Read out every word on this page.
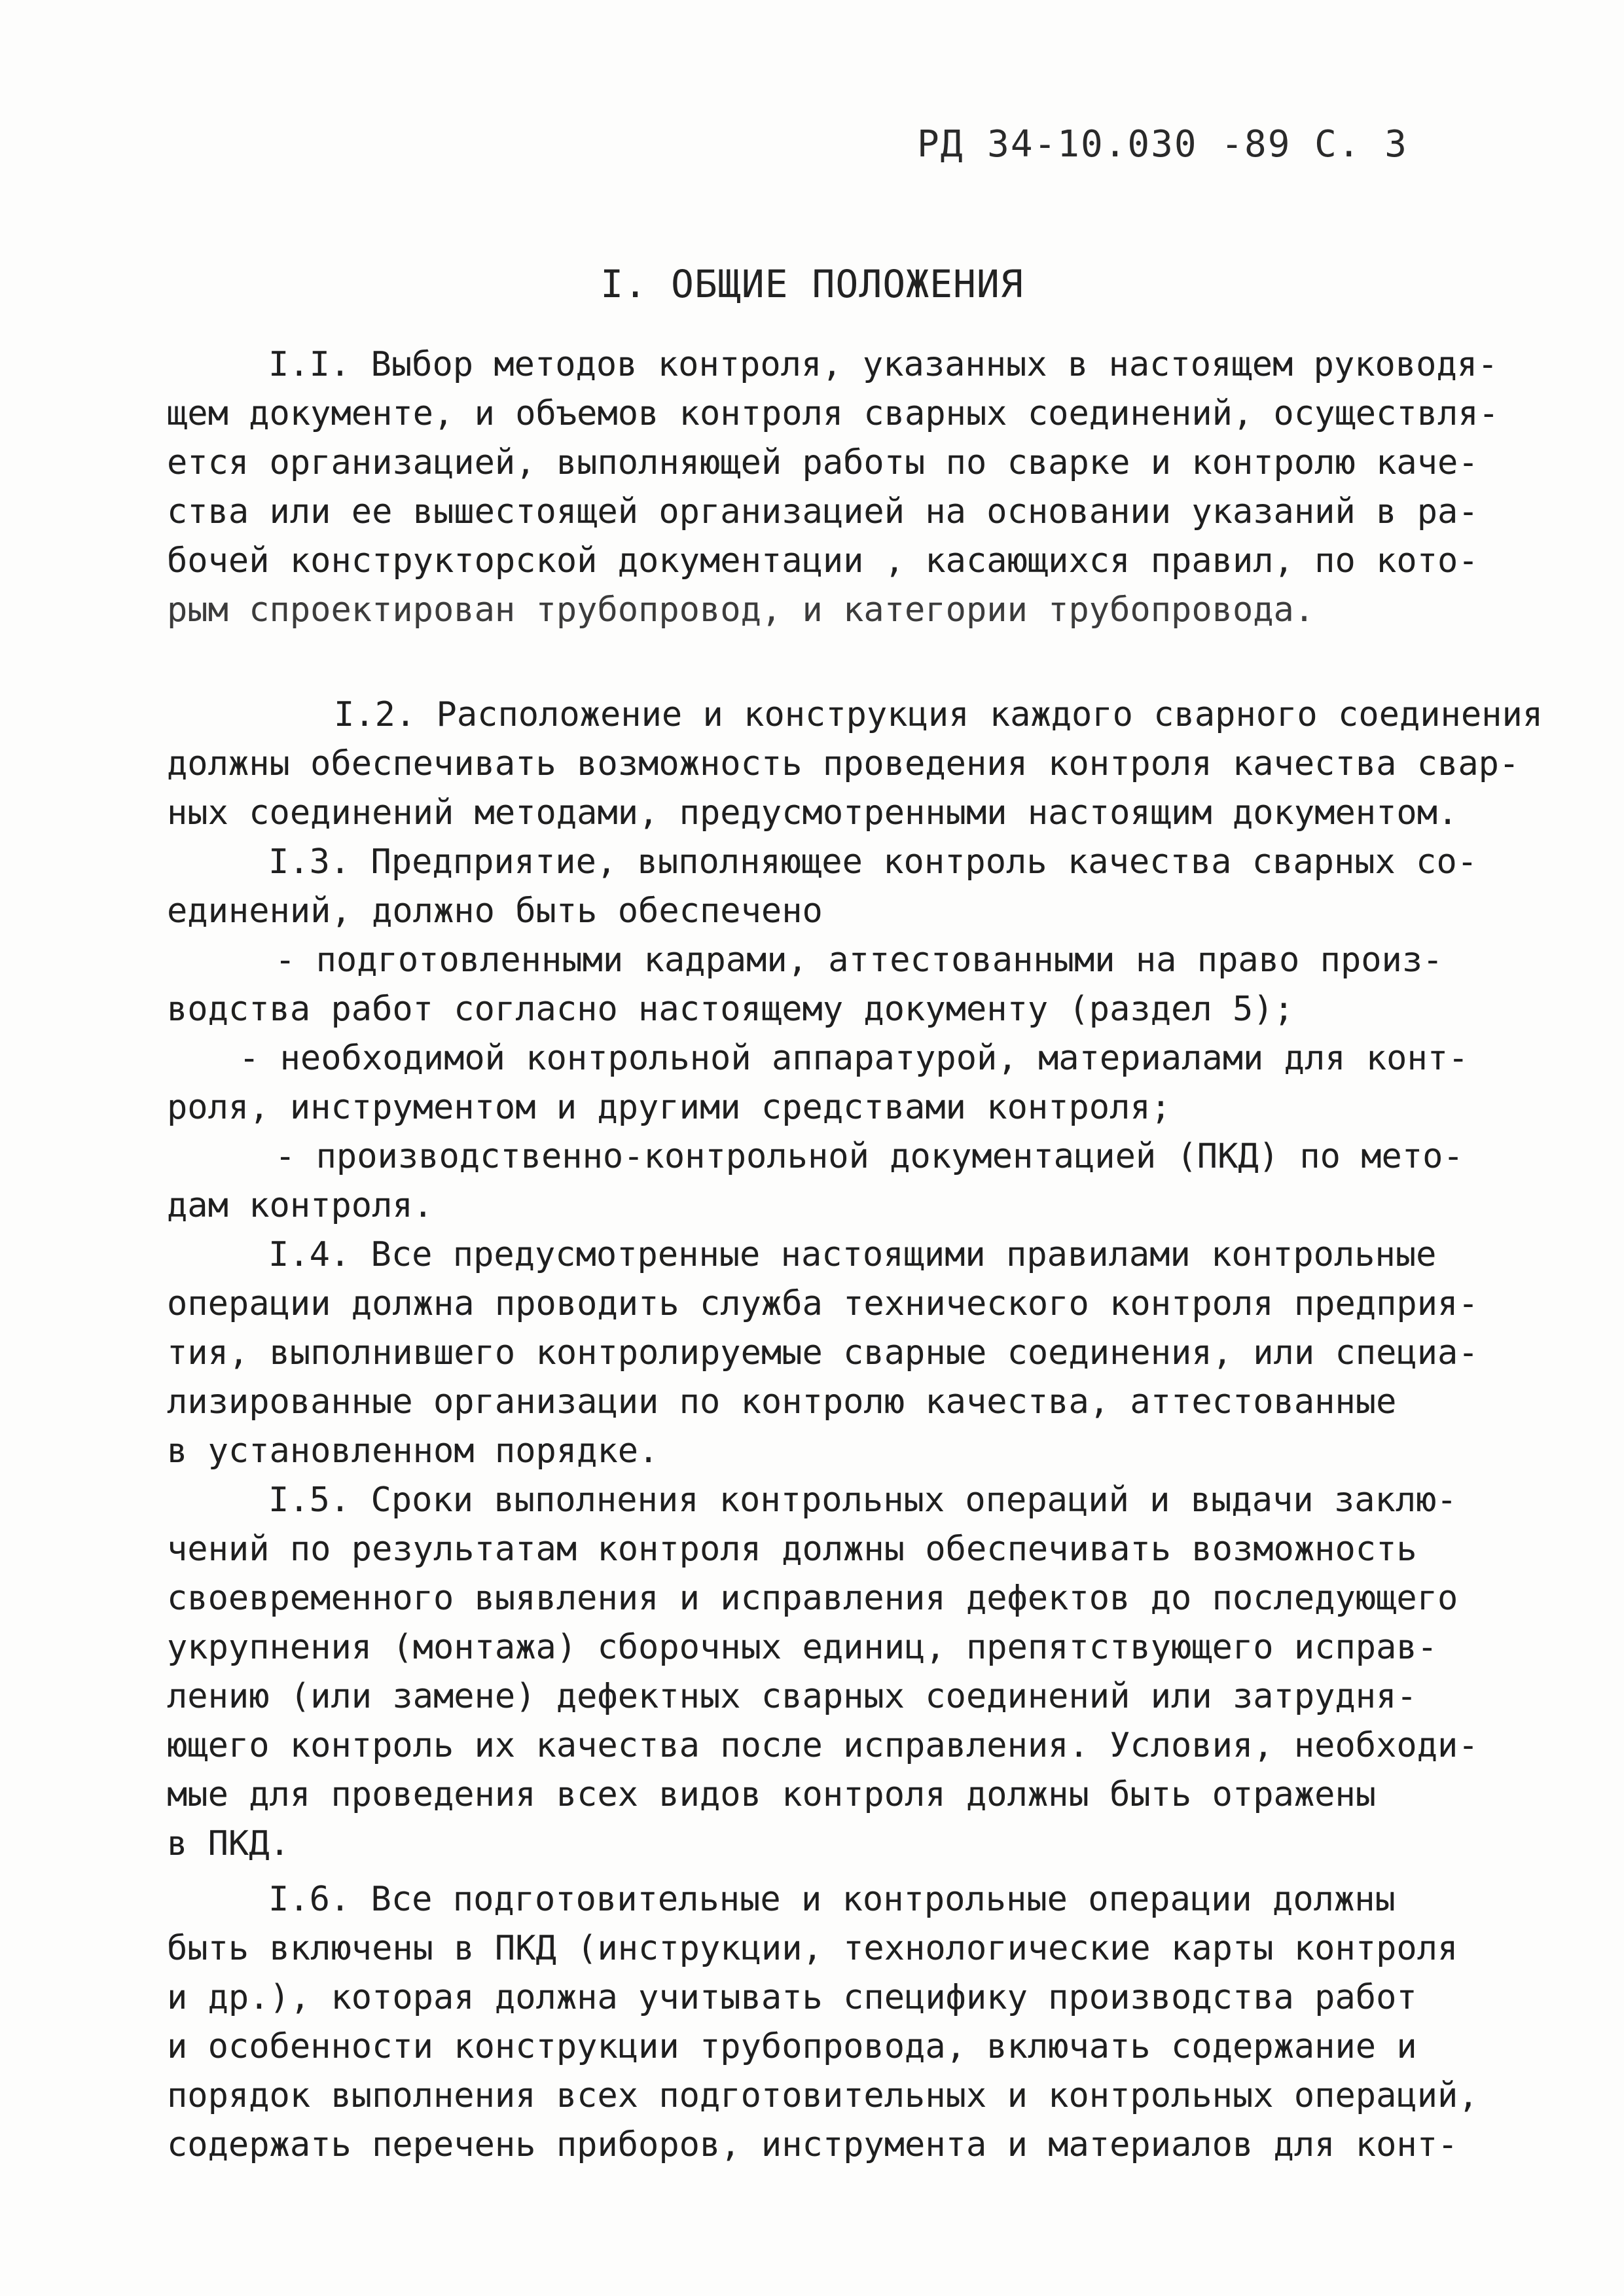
РД 34-10.030 -89 С. 3
I. ОБЩИЕ ПОЛОЖЕНИЯ
I.I. Выбор методов контроля, указанных в настоящем руководя-
щем документе, и объемов контроля сварных соединений, осуществля-
ется организацией, выполняющей работы по сварке и контролю каче-
ства или ее вышестоящей организацией на основании указаний в ра-
бочей конструкторской документации , касающихся правил, по кото-
рым спроектирован трубопровод, и категории трубопровода.
I.2. Расположение и конструкция каждого сварного соединения
должны обеспечивать возможность проведения контроля качества свар-
ных соединений методами, предусмотренными настоящим документом.
I.3. Предприятие, выполняющее контроль качества сварных со-
единений, должно быть обеспечено
- подготовленными кадрами, аттестованными на право произ-
водства работ согласно настоящему документу (раздел 5);
- необходимой контрольной аппаратурой, материалами для конт-
роля, инструментом и другими средствами контроля;
- производственно-контрольной документацией (ПКД) по мето-
дам контроля.
I.4. Все предусмотренные настоящими правилами контрольные
операции должна проводить служба технического контроля предприя-
тия, выполнившего контролируемые сварные соединения, или специа-
лизированные организации по контролю качества, аттестованные
в установленном порядке.
I.5. Сроки выполнения контрольных операций и выдачи заклю-
чений по результатам контроля должны обеспечивать возможность
своевременного выявления и исправления дефектов до последующего
укрупнения (монтажа) сборочных единиц, препятствующего исправ-
лению (или замене) дефектных сварных соединений или затрудня-
ющего контроль их качества после исправления. Условия, необходи-
мые для проведения всех видов контроля должны быть отражены
в ПКД.
I.6. Все подготовительные и контрольные операции должны
быть включены в ПКД (инструкции, технологические карты контроля
и др.), которая должна учитывать специфику производства работ
и особенности конструкции трубопровода, включать содержание и
порядок выполнения всех подготовительных и контрольных операций,
содержать перечень приборов, инструмента и материалов для конт-
